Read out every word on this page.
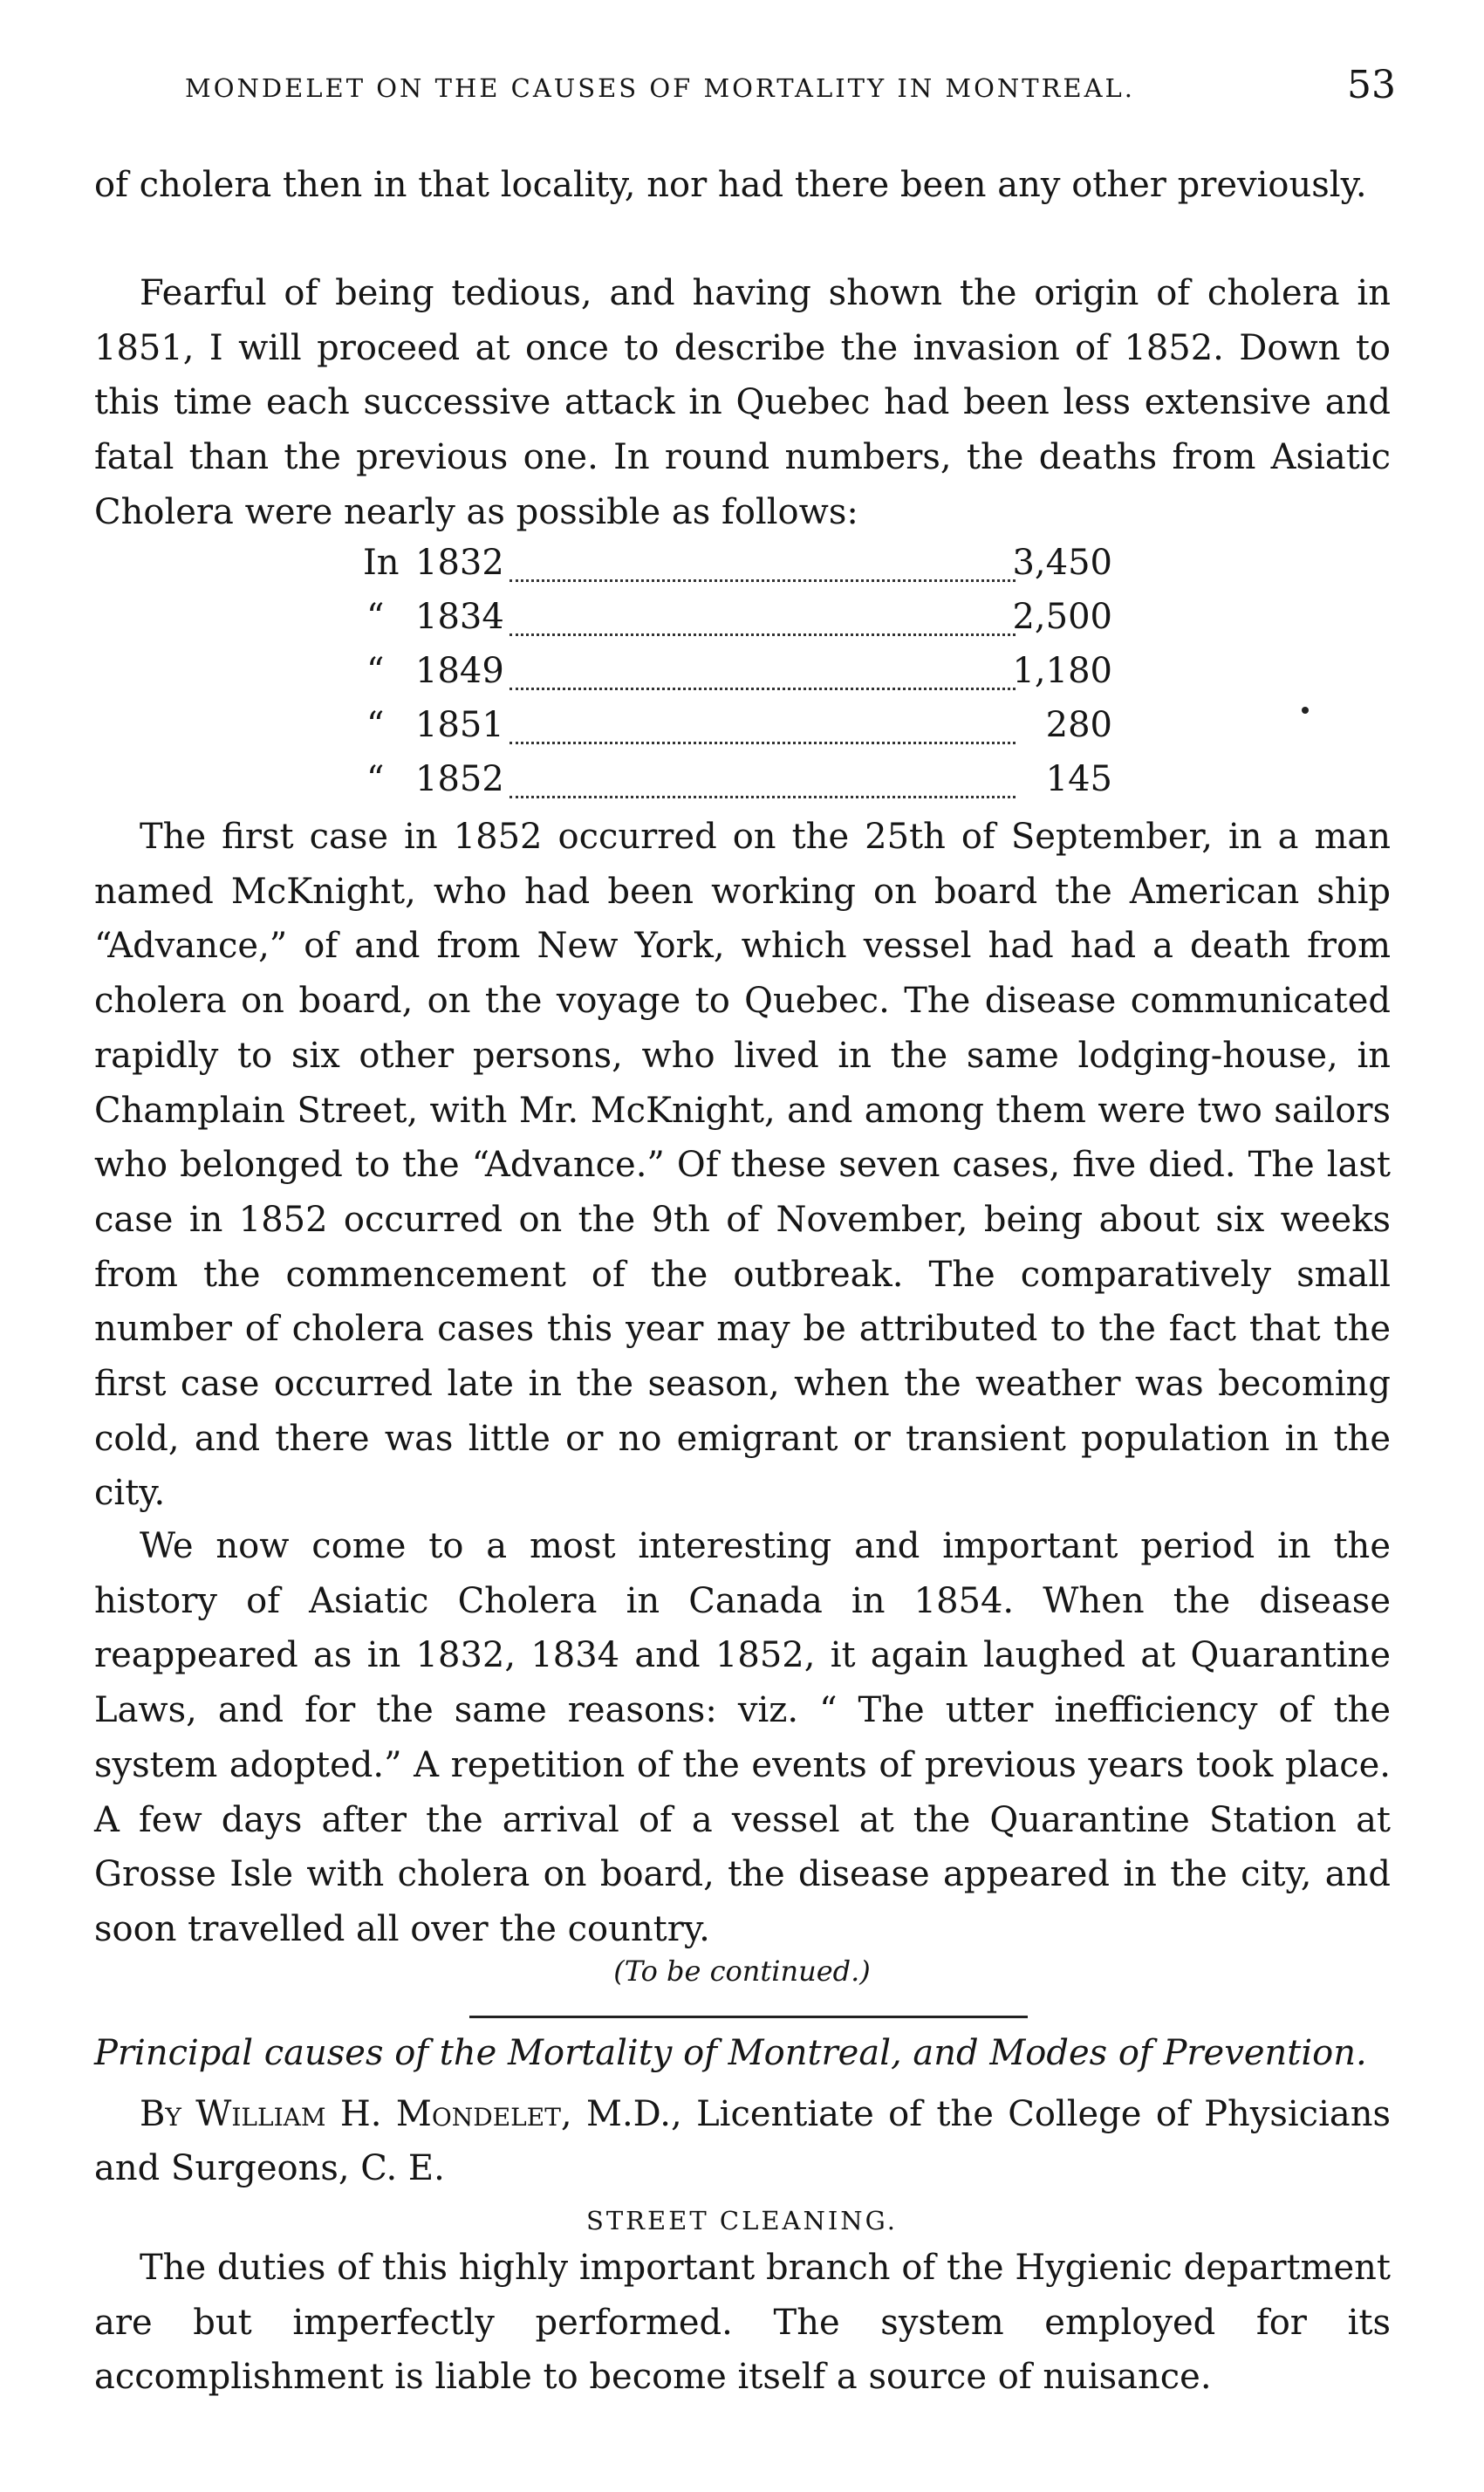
MONDELET ON THE CAUSES OF MORTALITY IN MONTREAL.	53

of cholera then in that locality, nor had there been any other previously.

Fearful of being tedious, and having shown the origin of cholera in 1851, I will proceed at once to describe the invasion of 1852. Down to this time each successive attack in Quebec had been less extensive and fatal than the previous one. In round numbers, the deaths from Asiatic Cholera were nearly as possible as follows:

In 1832	3,450
“ 1834	2,500
“ 1849	1,180
“ 1851	280
“ 1852	145

The first case in 1852 occurred on the 25th of September, in a man named McKnight, who had been working on board the American ship “Advance,” of and from New York, which vessel had had a death from cholera on board, on the voyage to Quebec. The disease communicated rapidly to six other persons, who lived in the same lodging-house, in Champlain Street, with Mr. McKnight, and among them were two sailors who belonged to the “Advance.” Of these seven cases, five died. The last case in 1852 occurred on the 9th of November, being about six weeks from the commencement of the outbreak. The comparatively small number of cholera cases this year may be attributed to the fact that the first case occurred late in the season, when the weather was becoming cold, and there was little or no emigrant or transient population in the city.

We now come to a most interesting and important period in the history of Asiatic Cholera in Canada in 1854. When the disease reappeared as in 1832, 1834 and 1852, it again laughed at Quarantine Laws, and for the same reasons: viz. “ The utter inefficiency of the system adopted.” A repetition of the events of previous years took place. A few days after the arrival of a vessel at the Quarantine Station at Grosse Isle with cholera on board, the disease appeared in the city, and soon travelled all over the country.

(To be continued.)
Principal causes of the Mortality of Montreal, and Modes of Prevention.
By William H. Mondelet, M.D., Licentiate of the College of Physicians and Surgeons, C. E.
STREET CLEANING.

The duties of this highly important branch of the Hygienic department are but imperfectly performed. The system employed for its accomplishment is liable to become itself a source of nuisance.
